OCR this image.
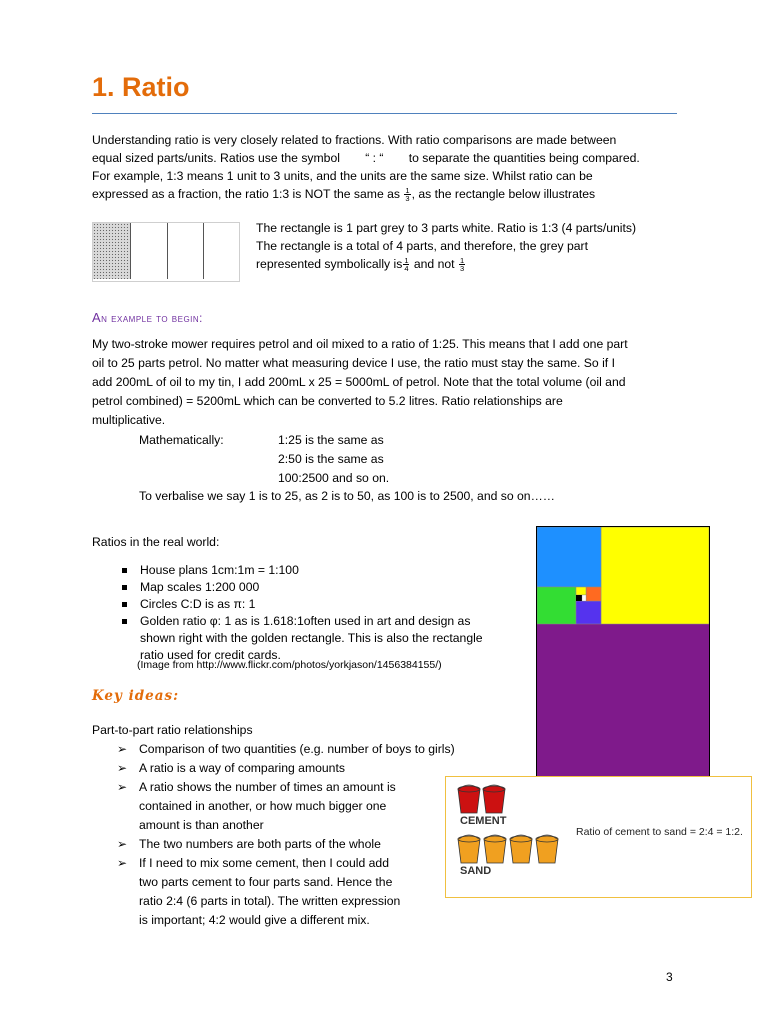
1. Ratio
Understanding ratio is very closely related to fractions. With ratio comparisons are made between
equal sized parts/units. Ratios use the symbol “ : “ to separate the quantities being compared.
For example, 1:3 means 1 unit to 3 units, and the units are the same size. Whilst ratio can be
expressed as a fraction, the ratio 1:3 is NOT the same as $\frac{1}{3}$ , as the rectangle below illustrates
The rectangle is 1 part grey to 3 parts white. Ratio is 1:3 (4 parts/units)
The rectangle is a total of 4 parts, and therefore, the grey part
represented symbolically is $\frac{1}{4}$ and not $\frac{1}{3}$
An example to begin:
My two-stroke mower requires petrol and oil mixed to a ratio of 1:25. This means that I add one part
oil to 25 parts petrol. No matter what measuring device I use, the ratio must stay the same. So if I
add 200mL of oil to my tin, I add 200mL x 25 = 5000mL of petrol. Note that the total volume (oil and
petrol combined) = 5200mL which can be converted to 5.2 litres. Ratio relationships are
multiplicative.
Mathematically:	1:25 is the same as
2:50 is the same as
100:2500 and so on.
To verbalise we say 1 is to 25, as 2 is to 50, as 100 is to 2500, and so on……
Ratios in the real world:
House plans 1cm:1m = 1:100
Map scales 1:200 000
Circles C:D is as π: 1
Golden ratio φ: 1 as is 1.618:1often used in art and design as
shown right with the golden rectangle. This is also the rectangle
ratio used for credit cards.
(Image from http://www.flickr.com/photos/yorkjason/1456384155/)
Key ideas:
Part-to-part ratio relationships
➢ Comparison of two quantities (e.g. number of boys to girls)
➢ A ratio is a way of comparing amounts
➢ A ratio shows the number of times an amount is
contained in another, or how much bigger one
amount is than another
➢ The two numbers are both parts of the whole
➢ If I need to mix some cement, then I could add
two parts cement to four parts sand. Hence the
ratio 2:4 (6 parts in total). The written expression
is important; 4:2 would give a different mix.
CEMENT
SAND
Ratio of cement to sand = 2:4 = 1:2.
3
